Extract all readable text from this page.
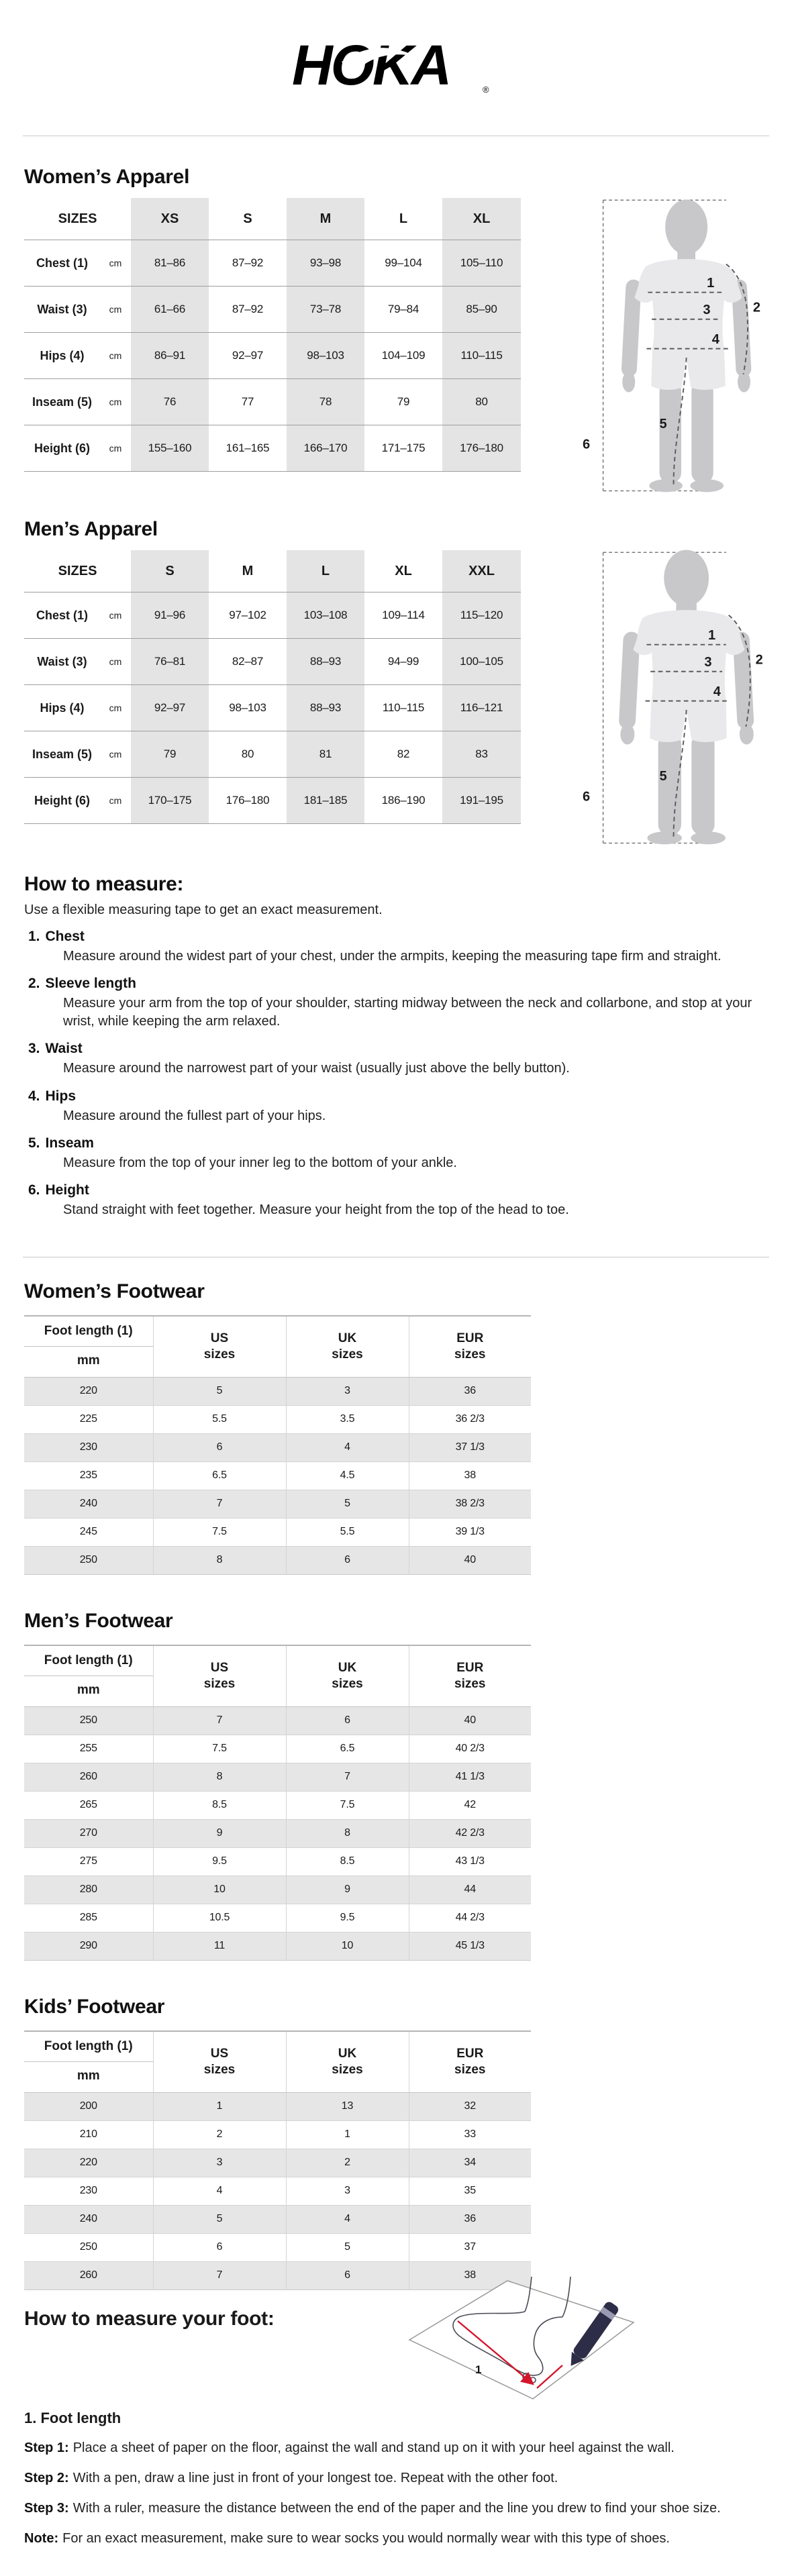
HOKA	®
Women’s Apparel
SIZES		XS	S	M	L	XL
Chest (1)	cm	81–86	87–92	93–98	99–104	105–110
Waist (3)	cm	61–66	87–92	73–78	79–84	85–90
Hips (4)	cm	86–91	92–97	98–103	104–109	110–115
Inseam (5)	cm	76	77	78	79	80
Height (6)	cm	155–160	161–165	166–170	171–175	176–180
1
2
3
4
5
6
Men’s Apparel
SIZES		S	M	L	XL	XXL
Chest (1)	cm	91–96	97–102	103–108	109–114	115–120
Waist (3)	cm	76–81	82–87	88–93	94–99	100–105
Hips (4)	cm	92–97	98–103	88–93	110–115	116–121
Inseam (5)	cm	79	80	81	82	83
Height (6)	cm	170–175	176–180	181–185	186–190	191–195
1
2
3
4
5
6
How to measure:

Use a flexible measuring tape to get an exact measurement.

1. Chest

Measure around the widest part of your chest, under the armpits, keeping the measuring tape firm and straight.

2. Sleeve length

Measure your arm from the top of your shoulder, starting midway between the neck and collarbone, and stop at your wrist, while keeping the arm relaxed.

3. Waist

Measure around the narrowest part of your waist (usually just above the belly button).

4. Hips

Measure around the fullest part of your hips.

5. Inseam

Measure from the top of your inner leg to the bottom of your ankle.

6. Height

Stand straight with feet together. Measure your height from the top of the head to toe.

Women’s Footwear
Foot length (1)
mm

US
sizes

UK
sizes

EUR
sizes

220	5	3	36
225	5.5	3.5	36 2/3
230	6	4	37 1/3
235	6.5	4.5	38
240	7	5	38 2/3
245	7.5	5.5	39 1/3
250	8	6	40
Men’s Footwear
Foot length (1)
mm

US
sizes

UK
sizes

EUR
sizes

250	7	6	40
255	7.5	6.5	40 2/3
260	8	7	41 1/3
265	8.5	7.5	42
270	9	8	42 2/3
275	9.5	8.5	43 1/3
280	10	9	44
285	10.5	9.5	44 2/3
290	11	10	45 1/3
Kids’ Footwear
Foot length (1)
mm

US
sizes

UK
sizes

EUR
sizes

200	1	13	32
210	2	1	33
220	3	2	34
230	4	3	35
240	5	4	36
250	6	5	37
260	7	6	38
How to measure your foot:
1
1. Foot length

Step 1: Place a sheet of paper on the floor, against the wall and stand up on it with your heel against the wall.

Step 2: With a pen, draw a line just in front of your longest toe. Repeat with the other foot.

Step 3: With a ruler, measure the distance between the end of the paper and the line you drew to find your shoe size.

Note: For an exact measurement, make sure to wear socks you would normally wear with this type of shoes.
